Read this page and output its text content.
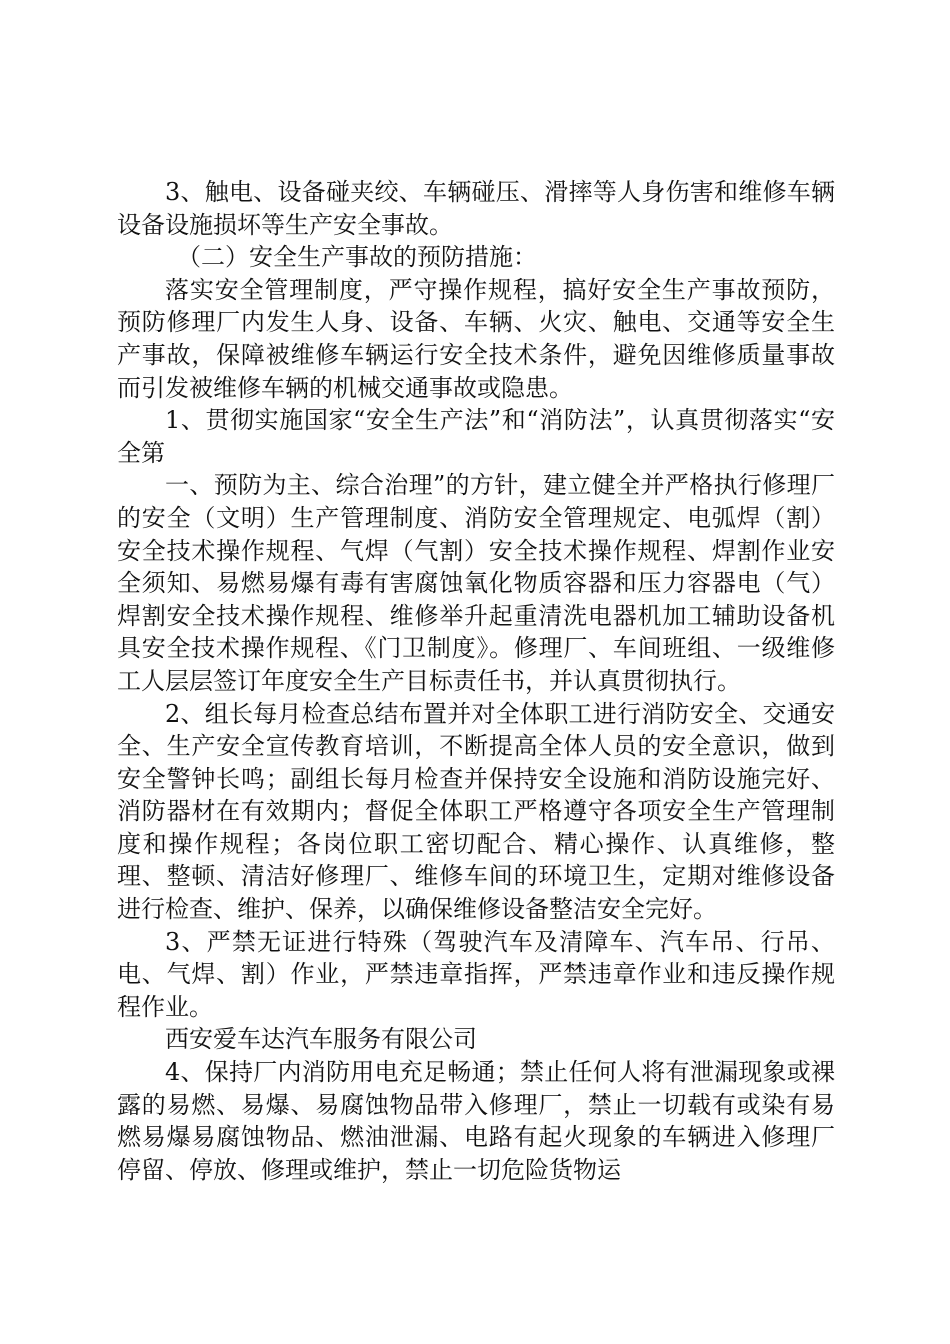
3、触电、设备碰夹绞、车辆碰压、滑摔等人身伤害和维修车辆设备设施损坏等生产安全事故。

（二）安全生产事故的预防措施：

落实安全管理制度，严守操作规程，搞好安全生产事故预防，预防修理厂内发生人身、设备、车辆、火灾、触电、交通等安全生产事故，保障被维修车辆运行安全技术条件，避免因维修质量事故而引发被维修车辆的机械交通事故或隐患。

1、贯彻实施国家“安全生产法”和“消防法”，认真贯彻落实“安全第

一、预防为主、综合治理”的方针，建立健全并严格执行修理厂的安全（文明）生产管理制度、消防安全管理规定、电弧焊（割）安全技术操作规程、气焊（气割）安全技术操作规程、焊割作业安全须知、易燃易爆有毒有害腐蚀氧化物质容器和压力容器电（气）焊割安全技术操作规程、维修举升起重清洗电器机加工辅助设备机具安全技术操作规程、《门卫制度》。修理厂、车间班组、一级维修工人层层签订年度安全生产目标责任书，并认真贯彻执行。

2、组长每月检查总结布置并对全体职工进行消防安全、交通安全、生产安全宣传教育培训，不断提高全体人员的安全意识，做到安全警钟长鸣；副组长每月检查并保持安全设施和消防设施完好、消防器材在有效期内；督促全体职工严格遵守各项安全生产管理制度和操作规程；各岗位职工密切配合、精心操作、认真维修，整理、整顿、清洁好修理厂、维修车间的环境卫生，定期对维修设备进行检查、维护、保养，以确保维修设备整洁安全完好。

3、严禁无证进行特殊（驾驶汽车及清障车、汽车吊、行吊、电、气焊、割）作业，严禁违章指挥，严禁违章作业和违反操作规程作业。

西安爱车达汽车服务有限公司

4、保持厂内消防用电充足畅通；禁止任何人将有泄漏现象或裸露的易燃、易爆、易腐蚀物品带入修理厂，禁止一切载有或染有易燃易爆易腐蚀物品、燃油泄漏、电路有起火现象的车辆进入修理厂停留、停放、修理或维护，禁止一切危险货物运
